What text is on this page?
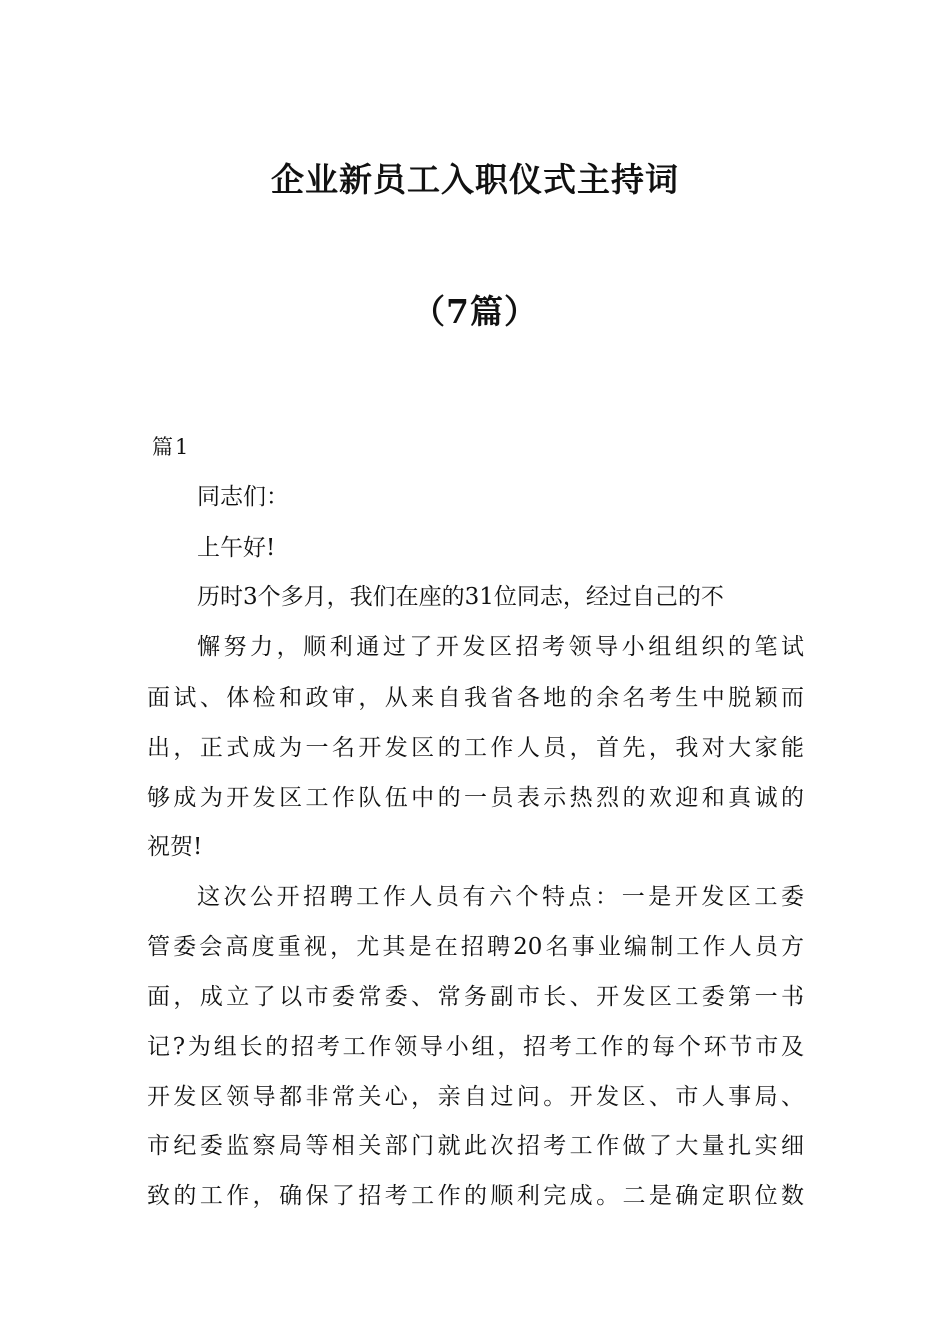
企业新员工入职仪式主持词
（7篇）
篇1
同志们：
上午好!
历时3个多月，我们在座的31位同志，经过自己的不
懈努力，顺利通过了开发区招考领导小组组织的笔试
面试、体检和政审，从来自我省各地的余名考生中脱颖而
出，正式成为一名开发区的工作人员，首先，我对大家能
够成为开发区工作队伍中的一员表示热烈的欢迎和真诚的
祝贺!
这次公开招聘工作人员有六个特点：一是开发区工委
管委会高度重视，尤其是在招聘20名事业编制工作人员方
面，成立了以市委常委、常务副市长、开发区工委第一书
记?为组长的招考工作领导小组，招考工作的每个环节市及
开发区领导都非常关心，亲自过问。开发区、市人事局、
市纪委监察局等相关部门就此次招考工作做了大量扎实细
致的工作，确保了招考工作的顺利完成。二是确定职位数
